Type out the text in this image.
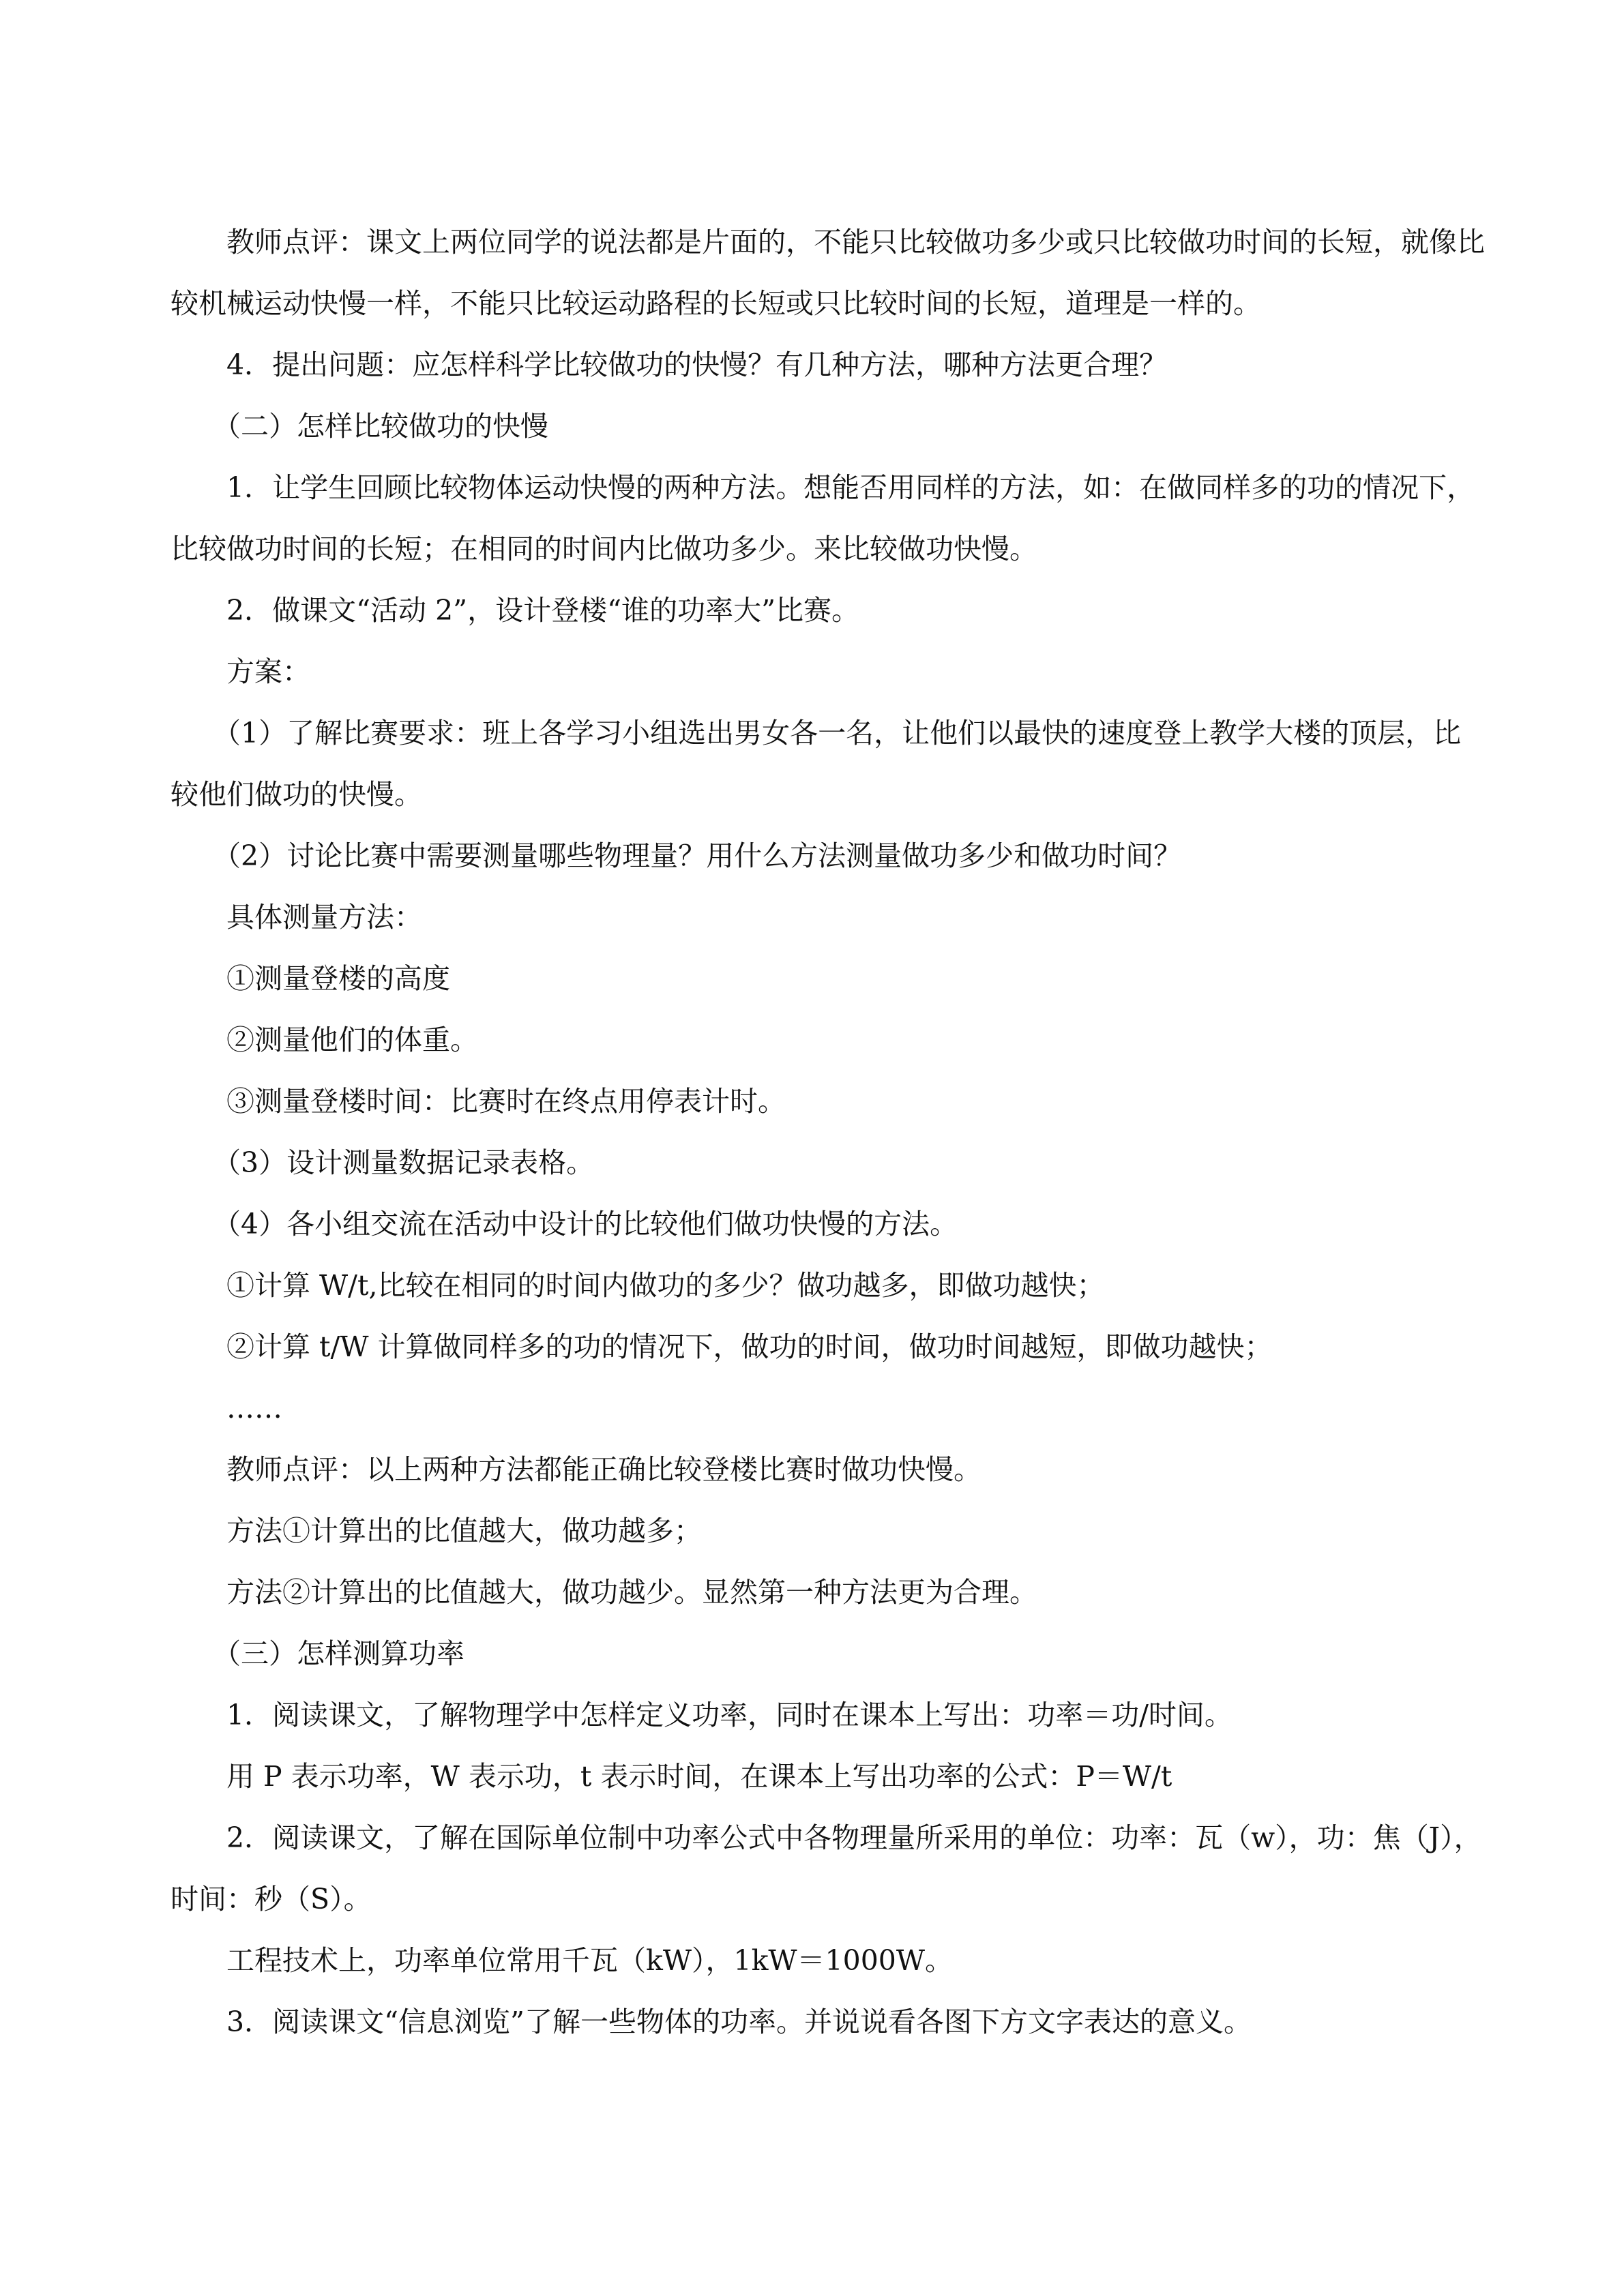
教师点评：课文上两位同学的说法都是片面的，不能只比较做功多少或只比较做功时间的长短，就像比较机械运动快慢一样，不能只比较运动路程的长短或只比较时间的长短，道理是一样的。

4．提出问题：应怎样科学比较做功的快慢？有几种方法，哪种方法更合理？

（二）怎样比较做功的快慢

1．让学生回顾比较物体运动快慢的两种方法。想能否用同样的方法，如：在做同样多的功的情况下，比较做功时间的长短；在相同的时间内比做功多少。来比较做功快慢。

2．做课文“活动 2”，设计登楼“谁的功率大”比赛。

方案：

（1）了解比赛要求：班上各学习小组选出男女各一名，让他们以最快的速度登上教学大楼的顶层，比较他们做功的快慢。

（2）讨论比赛中需要测量哪些物理量？用什么方法测量做功多少和做功时间？

具体测量方法：

①测量登楼的高度

②测量他们的体重。

③测量登楼时间：比赛时在终点用停表计时。

（3）设计测量数据记录表格。

（4）各小组交流在活动中设计的比较他们做功快慢的方法。

①计算 W/t,比较在相同的时间内做功的多少？做功越多，即做功越快；

②计算 t/W 计算做同样多的功的情况下，做功的时间，做功时间越短，即做功越快；

……

教师点评：以上两种方法都能正确比较登楼比赛时做功快慢。

方法①计算出的比值越大，做功越多；

方法②计算出的比值越大，做功越少。显然第一种方法更为合理。

（三）怎样测算功率

1．阅读课文，了解物理学中怎样定义功率，同时在课本上写出：功率＝功/时间。

用 P 表示功率，W 表示功，t 表示时间，在课本上写出功率的公式：P＝W/t

2．阅读课文，了解在国际单位制中功率公式中各物理量所采用的单位：功率：瓦（w），功：焦（J），时间：秒（S）。

工程技术上，功率单位常用千瓦（kW），1kW＝1000W。

3．阅读课文“信息浏览”了解一些物体的功率。并说说看各图下方文字表达的意义。
